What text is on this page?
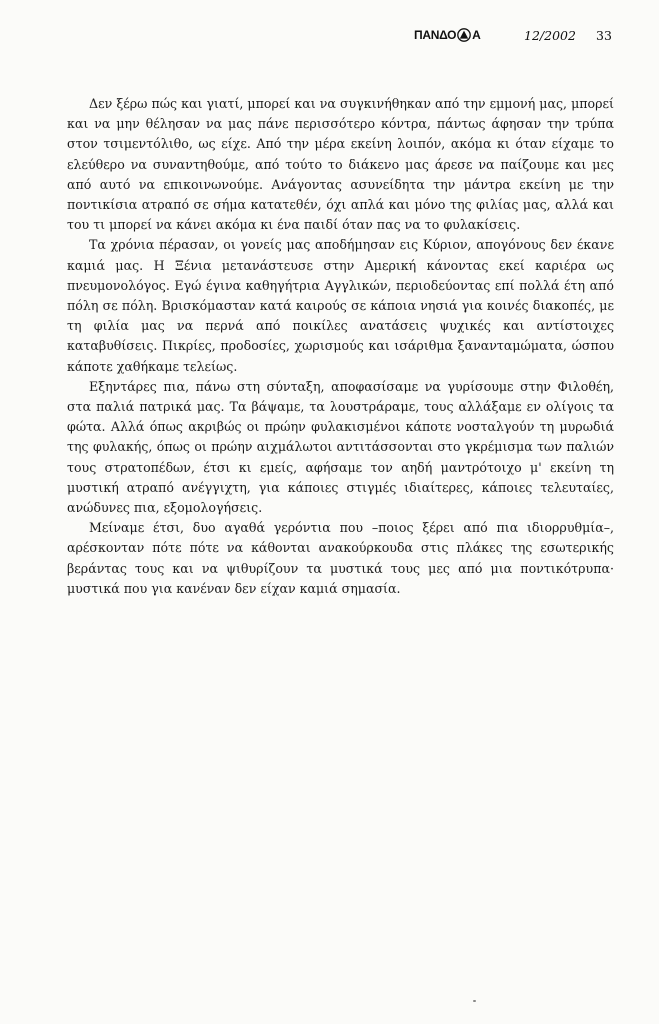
ΠΑΝΔΟ Α	12/2002 33

Δεν ξέρω πώς και γιατί, μπορεί και να συγκινήθηκαν από την εμμονή μας, μπορεί και να μην θέλησαν να μας πάνε περισσότερο κόντρα, πάντως άφησαν την τρύπα στον τσιμεντόλιθο, ως είχε. Από την μέρα εκείνη λοιπόν, ακόμα κι όταν είχαμε το ελεύθερο να συναντηθούμε, από τούτο το διάκενο μας άρεσε να παίζουμε και μες από αυτό να επικοινωνούμε. Ανάγοντας ασυνείδητα την μάντρα εκείνη με την ποντικίσια ατραπό σε σήμα κατατεθέν, όχι απλά και μόνο της φιλίας μας, αλλά και του τι μπορεί να κάνει ακόμα κι ένα παιδί όταν πας να το φυλακίσεις.

Τα χρόνια πέρασαν, οι γονείς μας αποδήμησαν εις Κύριον, απογόνους δεν έκανε καμιά μας. Η Ξένια μετανάστευσε στην Αμερική κάνοντας εκεί καριέρα ως πνευμονολόγος. Εγώ έγινα καθηγήτρια Αγγλικών, περιοδεύοντας επί πολλά έτη από πόλη σε πόλη. Βρισκόμασταν κατά καιρούς σε κάποια νησιά για κοινές διακοπές, με τη φιλία μας να περνά από ποικίλες ανατάσεις ψυχικές και αντίστοιχες καταβυθίσεις. Πικρίες, προδοσίες, χωρισμούς και ισάριθμα ξανανταμώματα, ώσπου κάποτε χαθήκαμε τελείως.

Εξηντάρες πια, πάνω στη σύνταξη, αποφασίσαμε να γυρίσουμε στην Φιλοθέη, στα παλιά πατρικά μας. Τα βάψαμε, τα λουστράραμε, τους αλλάξαμε εν ολίγοις τα φώτα. Αλλά όπως ακριβώς οι πρώην φυλακισμένοι κάποτε νοσταλγούν τη μυρωδιά της φυλακής, όπως οι πρώην αιχμάλωτοι αντιτάσσονται στο γκρέμισμα των παλιών τους στρατοπέδων, έτσι κι εμείς, αφήσαμε τον αηδή μαντρότοιχο μ' εκείνη τη μυστική ατραπό ανέγγιχτη, για κάποιες στιγμές ιδιαίτερες, κάποιες τελευταίες, ανώδυνες πια, εξομολογήσεις.

Μείναμε έτσι, δυο αγαθά γερόντια που –ποιος ξέρει από πια ιδιορρυθμία–, αρέσκονταν πότε πότε να κάθονται ανακούρκουδα στις πλάκες της εσωτερικής βεράντας τους και να ψιθυρίζουν τα μυστικά τους μες από μια ποντικότρυπα· μυστικά που για κανέναν δεν είχαν καμιά σημασία.
